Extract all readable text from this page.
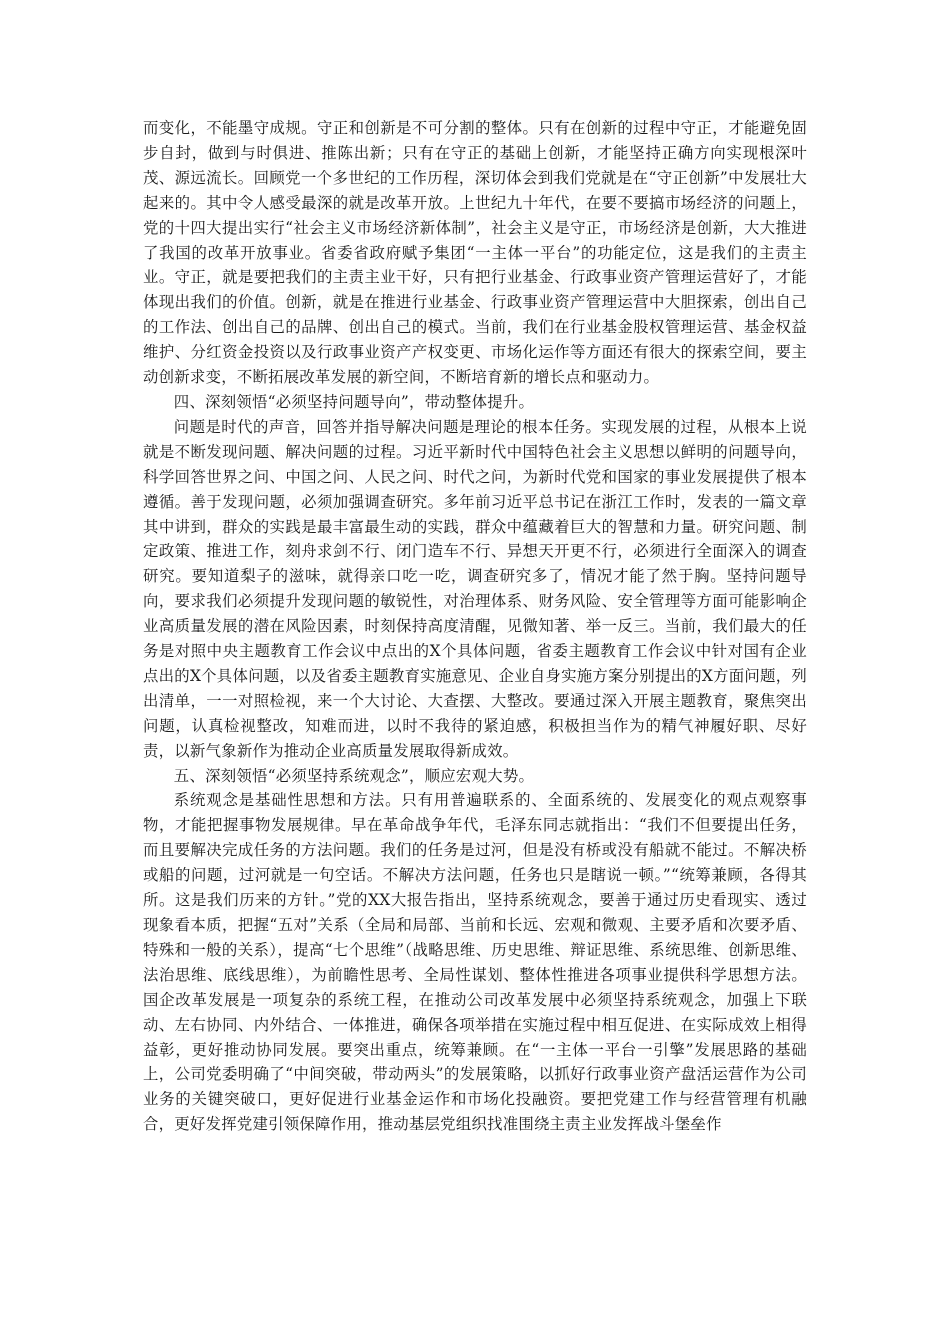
而变化，不能墨守成规。守正和创新是不可分割的整体。只有在创新的过程中守正，才能避免固步自封，做到与时俱进、推陈出新；只有在守正的基础上创新，才能坚持正确方向实现根深叶茂、源远流长。回顾党一个多世纪的工作历程，深切体会到我们党就是在“守正创新”中发展壮大起来的。其中令人感受最深的就是改革开放。上世纪九十年代，在要不要搞市场经济的问题上，党的十四大提出实行“社会主义市场经济新体制”，社会主义是守正，市场经济是创新，大大推进了我国的改革开放事业。省委省政府赋予集团“一主体一平台”的功能定位，这是我们的主责主业。守正，就是要把我们的主责主业干好，只有把行业基金、行政事业资产管理运营好了，才能体现出我们的价值。创新，就是在推进行业基金、行政事业资产管理运营中大胆探索，创出自己的工作法、创出自己的品牌、创出自己的模式。当前，我们在行业基金股权管理运营、基金权益维护、分红资金投资以及行政事业资产产权变更、市场化运作等方面还有很大的探索空间，要主动创新求变，不断拓展改革发展的新空间，不断培育新的增长点和驱动力。

四、深刻领悟“必须坚持问题导向”，带动整体提升。

问题是时代的声音，回答并指导解决问题是理论的根本任务。实现发展的过程，从根本上说就是不断发现问题、解决问题的过程。习近平新时代中国特色社会主义思想以鲜明的问题导向，科学回答世界之问、中国之问、人民之问、时代之问，为新时代党和国家的事业发展提供了根本遵循。善于发现问题，必须加强调查研究。多年前习近平总书记在浙江工作时，发表的一篇文章其中讲到，群众的实践是最丰富最生动的实践，群众中蕴藏着巨大的智慧和力量。研究问题、制定政策、推进工作，刻舟求剑不行、闭门造车不行、异想天开更不行，必须进行全面深入的调查研究。要知道梨子的滋味，就得亲口吃一吃，调查研究多了，情况才能了然于胸。坚持问题导向，要求我们必须提升发现问题的敏锐性，对治理体系、财务风险、安全管理等方面可能影响企业高质量发展的潜在风险因素，时刻保持高度清醒，见微知著、举一反三。当前，我们最大的任务是对照中央主题教育工作会议中点出的X个具体问题，省委主题教育工作会议中针对国有企业点出的X个具体问题，以及省委主题教育实施意见、企业自身实施方案分别提出的X方面问题，列出清单，一一对照检视，来一个大讨论、大查摆、大整改。要通过深入开展主题教育，聚焦突出问题，认真检视整改，知难而进，以时不我待的紧迫感，积极担当作为的精气神履好职、尽好责，以新气象新作为推动企业高质量发展取得新成效。

五、深刻领悟“必须坚持系统观念”，顺应宏观大势。

系统观念是基础性思想和方法。只有用普遍联系的、全面系统的、发展变化的观点观察事物，才能把握事物发展规律。早在革命战争年代，毛泽东同志就指出：“我们不但要提出任务，而且要解决完成任务的方法问题。我们的任务是过河，但是没有桥或没有船就不能过。不解决桥或船的问题，过河就是一句空话。不解决方法问题，任务也只是瞎说一顿。”“统筹兼顾，各得其所。这是我们历来的方针。”党的XX大报告指出，坚持系统观念，要善于通过历史看现实、透过现象看本质，把握“五对”关系（全局和局部、当前和长远、宏观和微观、主要矛盾和次要矛盾、特殊和一般的关系），提高“七个思维”（战略思维、历史思维、辩证思维、系统思维、创新思维、法治思维、底线思维），为前瞻性思考、全局性谋划、整体性推进各项事业提供科学思想方法。国企改革发展是一项复杂的系统工程，在推动公司改革发展中必须坚持系统观念，加强上下联动、左右协同、内外结合、一体推进，确保各项举措在实施过程中相互促进、在实际成效上相得益彰，更好推动协同发展。要突出重点，统筹兼顾。在“一主体一平台一引擎”发展思路的基础上，公司党委明确了“中间突破，带动两头”的发展策略，以抓好行政事业资产盘活运营作为公司业务的关键突破口，更好促进行业基金运作和市场化投融资。要把党建工作与经营管理有机融合，更好发挥党建引领保障作用，推动基层党组织找准围绕主责主业发挥战斗堡垒作
